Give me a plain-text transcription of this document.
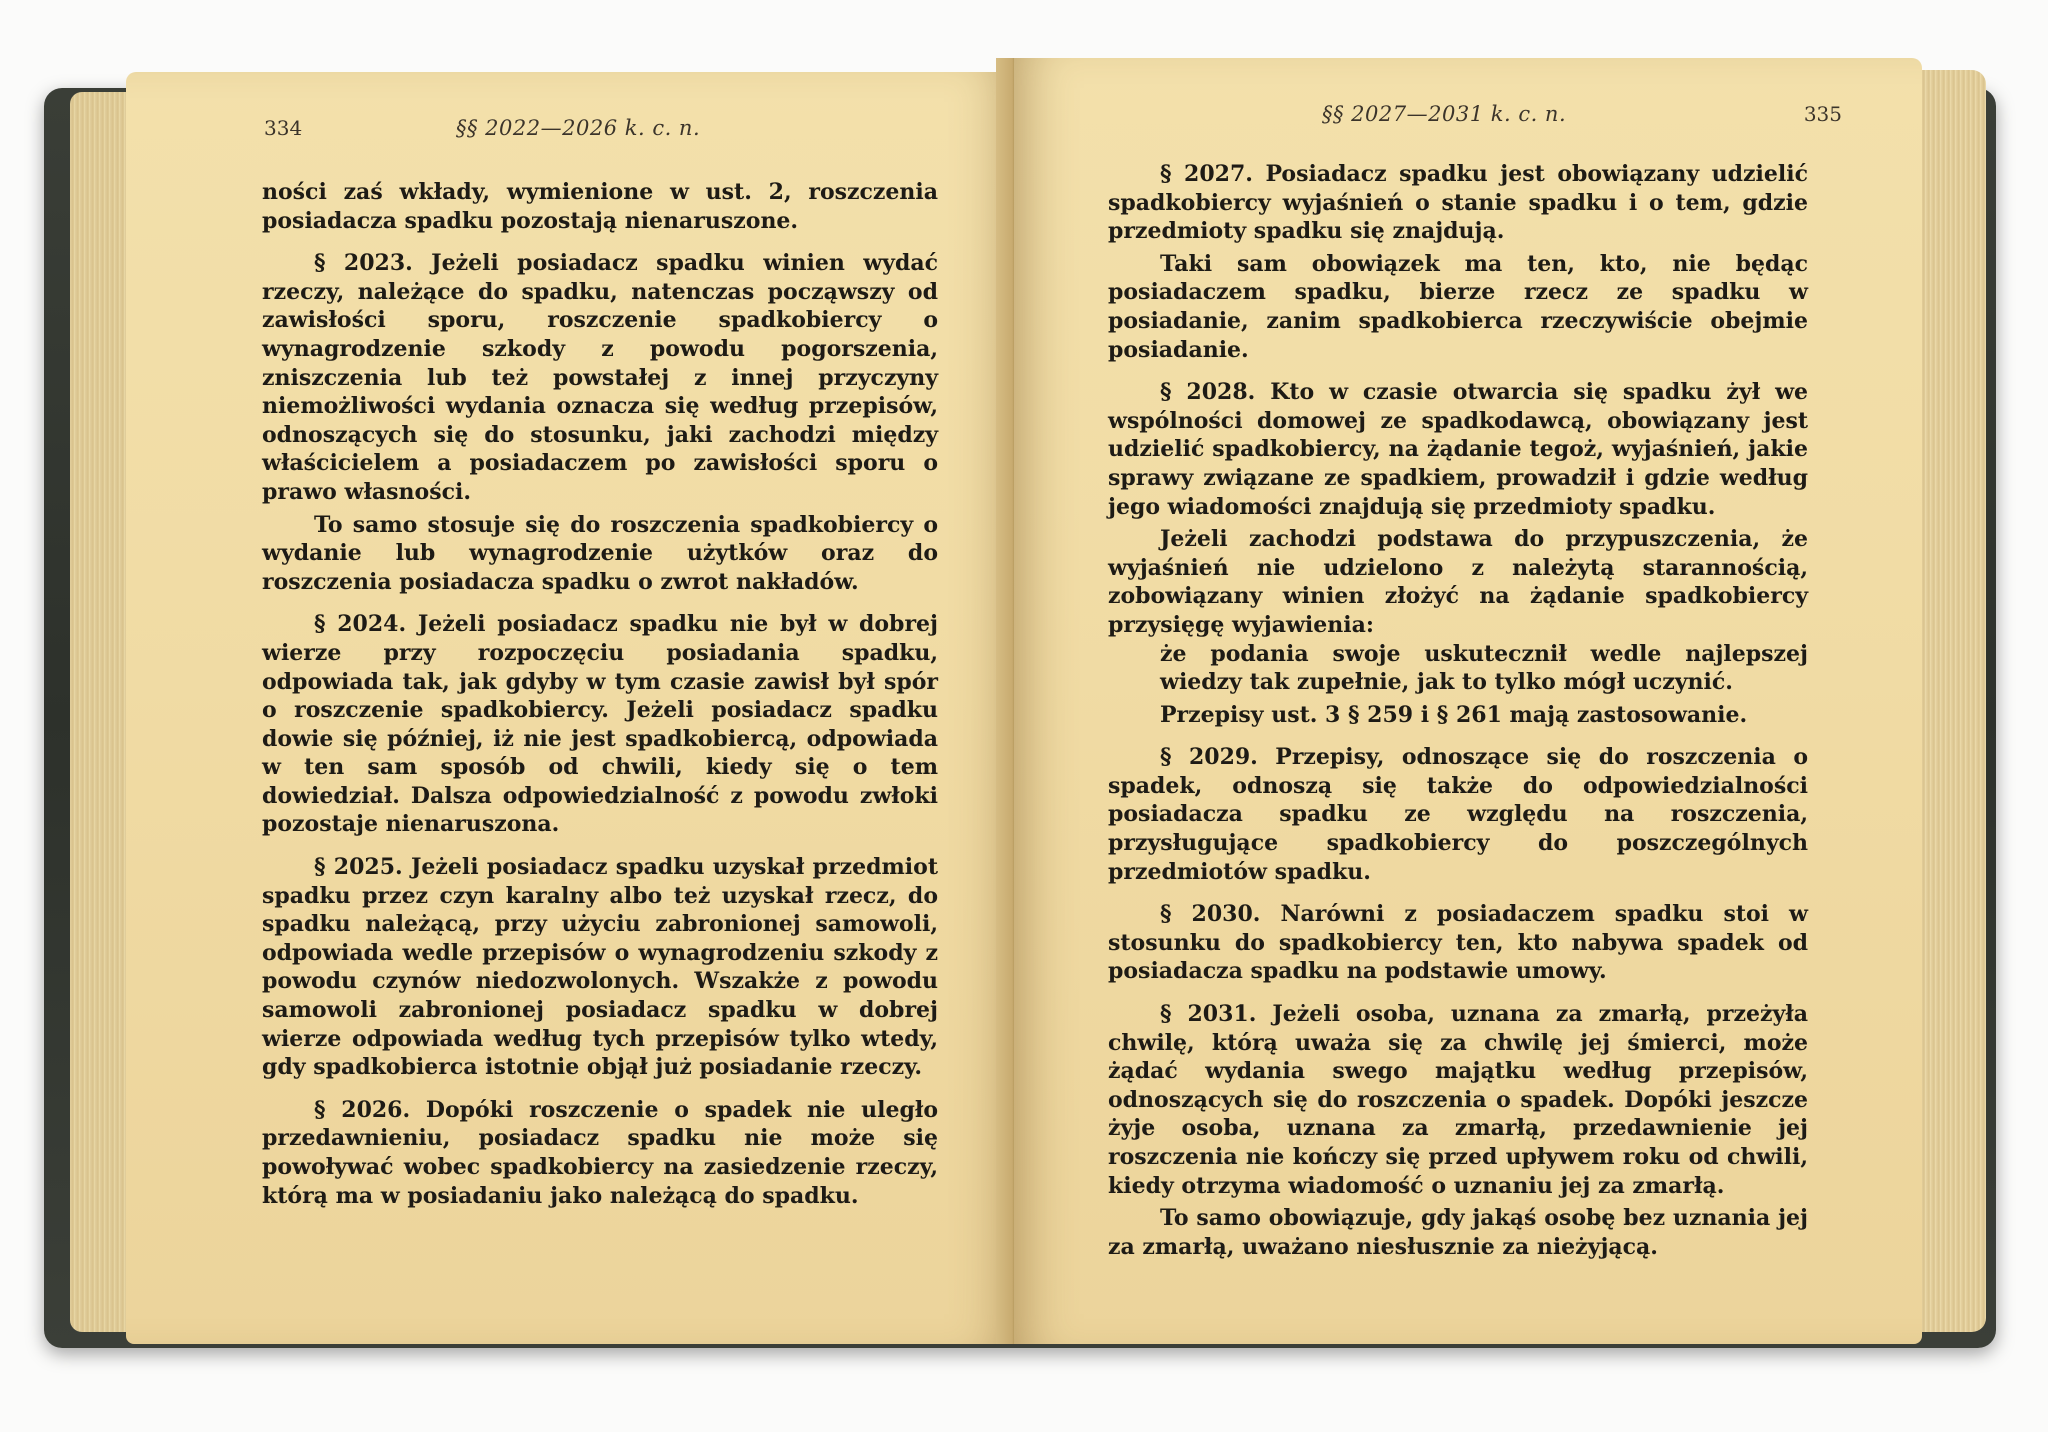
334	§§ 2022—2026 k. c. n.

ności zaś wkłady, wymienione w ust. 2, roszczenia posiadacza spadku pozostają nienaruszone.

§ 2023. Jeżeli posiadacz spadku winien wydać rzeczy, należące do spadku, natenczas począwszy od zawisłości sporu, roszczenie spadkobiercy o wynagrodzenie szkody z powodu pogorszenia, zniszczenia lub też powstałej z innej przyczyny niemożliwości wydania oznacza się według przepisów, odnoszących się do stosunku, jaki zachodzi między właścicielem a posiadaczem po zawisłości sporu o prawo własności.

To samo stosuje się do roszczenia spadkobiercy o wydanie lub wynagrodzenie użytków oraz do roszczenia posiadacza spadku o zwrot nakładów.

§ 2024. Jeżeli posiadacz spadku nie był w dobrej wierze przy rozpoczęciu posiadania spadku, odpowiada tak, jak gdyby w tym czasie zawisł był spór o roszczenie spadkobiercy. Jeżeli posiadacz spadku dowie się później, iż nie jest spadkobiercą, odpowiada w ten sam sposób od chwili, kiedy się o tem dowiedział. Dalsza odpowiedzialność z powodu zwłoki pozostaje nienaruszona.

§ 2025. Jeżeli posiadacz spadku uzyskał przedmiot spadku przez czyn karalny albo też uzyskał rzecz, do spadku należącą, przy użyciu zabronionej samowoli, odpowiada wedle przepisów o wynagrodzeniu szkody z powodu czynów niedozwolonych. Wszakże z powodu samowoli zabronionej posiadacz spadku w dobrej wierze odpowiada według tych przepisów tylko wtedy, gdy spadkobierca istotnie objął już posiadanie rzeczy.

§ 2026. Dopóki roszczenie o spadek nie uległo przedawnieniu, posiadacz spadku nie może się powoływać wobec spadkobiercy na zasiedzenie rzeczy, którą ma w posiadaniu jako należącą do spadku.

§§ 2027—2031 k. c. n.	335

§ 2027. Posiadacz spadku jest obowiązany udzielić spadkobiercy wyjaśnień o stanie spadku i o tem, gdzie przedmioty spadku się znajdują.

Taki sam obowiązek ma ten, kto, nie będąc posiadaczem spadku, bierze rzecz ze spadku w posiadanie, zanim spadkobierca rzeczywiście obejmie posiadanie.

§ 2028. Kto w czasie otwarcia się spadku żył we wspólności domowej ze spadkodawcą, obowiązany jest udzielić spadkobiercy, na żądanie tegoż, wyjaśnień, jakie sprawy związane ze spadkiem, prowadził i gdzie według jego wiadomości znajdują się przedmioty spadku.

Jeżeli zachodzi podstawa do przypuszczenia, że wyjaśnień nie udzielono z należytą starannością, zobowiązany winien złożyć na żądanie spadkobiercy przysięgę wyjawienia:

że podania swoje uskutecznił wedle najlepszej wiedzy tak zupełnie, jak to tylko mógł uczynić.

Przepisy ust. 3 § 259 i § 261 mają zastosowanie.

§ 2029. Przepisy, odnoszące się do roszczenia o spadek, odnoszą się także do odpowiedzialności posiadacza spadku ze względu na roszczenia, przysługujące spadkobiercy do poszczególnych przedmiotów spadku.

§ 2030. Narówni z posiadaczem spadku stoi w stosunku do spadkobiercy ten, kto nabywa spadek od posiadacza spadku na podstawie umowy.

§ 2031. Jeżeli osoba, uznana za zmarłą, przeżyła chwilę, którą uważa się za chwilę jej śmierci, może żądać wydania swego majątku według przepisów, odnoszących się do roszczenia o spadek. Dopóki jeszcze żyje osoba, uznana za zmarłą, przedawnienie jej roszczenia nie kończy się przed upływem roku od chwili, kiedy otrzyma wiadomość o uznaniu jej za zmarłą.

To samo obowiązuje, gdy jakąś osobę bez uznania jej za zmarłą, uważano niesłusznie za nieżyjącą.
